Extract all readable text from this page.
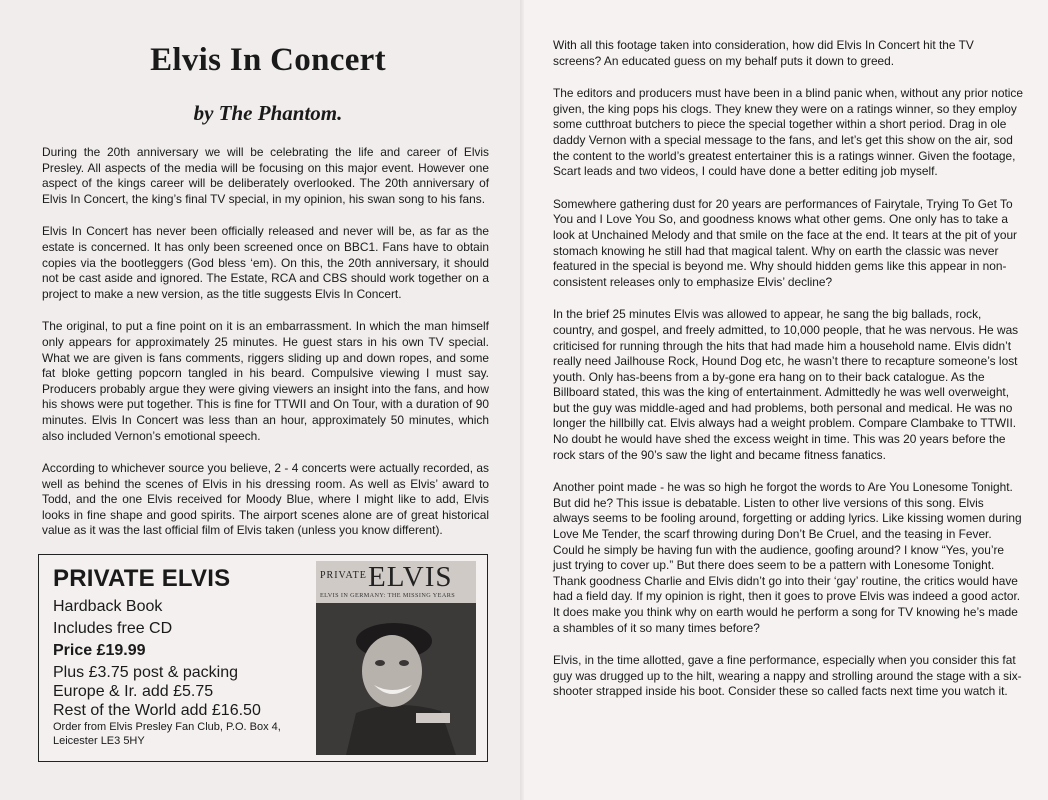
Elvis In Concert
by The Phantom.

During the 20th anniversary we will be celebrating the life and career of Elvis Presley. All aspects of the media will be focusing on this major event. However one aspect of the kings career will be deliberately overlooked. The 20th anniversary of Elvis In Concert, the king’s final TV special, in my opinion, his swan song to his fans.

Elvis In Concert has never been officially released and never will be, as far as the estate is concerned. It has only been screened once on BBC1. Fans have to obtain copies via the bootleggers (God bless ‘em). On this, the 20th anniversary, it should not be cast aside and ignored. The Estate, RCA and CBS should work together on a project to make a new version, as the title suggests Elvis In Concert.

The original, to put a fine point on it is an embarrassment. In which the man himself only appears for approximately 25 minutes. He guest stars in his own TV special. What we are given is fans comments, riggers sliding up and down ropes, and some fat bloke getting popcorn tangled in his beard. Compulsive viewing I must say. Producers probably argue they were giving viewers an insight into the fans, and how his shows were put together. This is fine for TTWII and On Tour, with a duration of 90 minutes. Elvis In Concert was less than an hour, approximately 50 minutes, which also included Vernon’s emotional speech.

According to whichever source you believe, 2 - 4 concerts were actually recorded, as well as behind the scenes of Elvis in his dressing room. As well as Elvis’ award to Todd, and the one Elvis received for Moody Blue, where I might like to add, Elvis looks in fine shape and good spirits. The airport scenes alone are of great historical value as it was the last official film of Elvis taken (unless you know different).

PRIVATE ELVIS
Hardback Book
Includes free CD
Price £19.99
Plus £3.75 post & packing
Europe & Ir. add £5.75
Rest of the World add £16.50
Order from Elvis Presley Fan Club, P.O. Box 4, Leicester LE3 5HY
PRIVATE ELVIS
ELVIS IN GERMANY: THE MISSING YEARS

With all this footage taken into consideration, how did Elvis In Concert hit the TV screens? An educated guess on my behalf puts it down to greed.

The editors and producers must have been in a blind panic when, without any prior notice given, the king pops his clogs. They knew they were on a ratings winner, so they employ some cutthroat butchers to piece the special together within a short period. Drag in ole daddy Vernon with a special message to the fans, and let’s get this show on the air, sod the content to the world’s greatest entertainer this is a ratings winner. Given the footage, Scart leads and two videos, I could have done a better editing job myself.

Somewhere gathering dust for 20 years are performances of Fairytale, Trying To Get To You and I Love You So, and goodness knows what other gems. One only has to take a look at Unchained Melody and that smile on the face at the end. It tears at the pit of your stomach knowing he still had that magical talent. Why on earth the classic was never featured in the special is beyond me. Why should hidden gems like this appear in non-consistent releases only to emphasize Elvis’ decline?

In the brief 25 minutes Elvis was allowed to appear, he sang the big ballads, rock, country, and gospel, and freely admitted, to 10,000 people, that he was nervous. He was criticised for running through the hits that had made him a household name. Elvis didn’t really need Jailhouse Rock, Hound Dog etc, he wasn’t there to recapture someone’s lost youth. Only has-beens from a by-gone era hang on to their back catalogue. As the Billboard stated, this was the king of entertainment. Admittedly he was well overweight, but the guy was middle-aged and had problems, both personal and medical. He was no longer the hillbilly cat. Elvis always had a weight problem. Compare Clambake to TTWII. No doubt he would have shed the excess weight in time. This was 20 years before the rock stars of the 90’s saw the light and became fitness fanatics.

Another point made - he was so high he forgot the words to Are You Lonesome Tonight. But did he? This issue is debatable. Listen to other live versions of this song. Elvis always seems to be fooling around, forgetting or adding lyrics. Like kissing women during Love Me Tender, the scarf throwing during Don’t Be Cruel, and the teasing in Fever. Could he simply be having fun with the audience, goofing around? I know “Yes, you’re just trying to cover up.” But there does seem to be a pattern with Lonesome Tonight. Thank goodness Charlie and Elvis didn’t go into their ‘gay’ routine, the critics would have had a field day. If my opinion is right, then it goes to prove Elvis was indeed a good actor. It does make you think why on earth would he perform a song for TV knowing he’s made a shambles of it so many times before?

Elvis, in the time allotted, gave a fine performance, especially when you consider this fat guy was drugged up to the hilt, wearing a nappy and strolling around the stage with a six-shooter strapped inside his boot. Consider these so called facts next time you watch it.
